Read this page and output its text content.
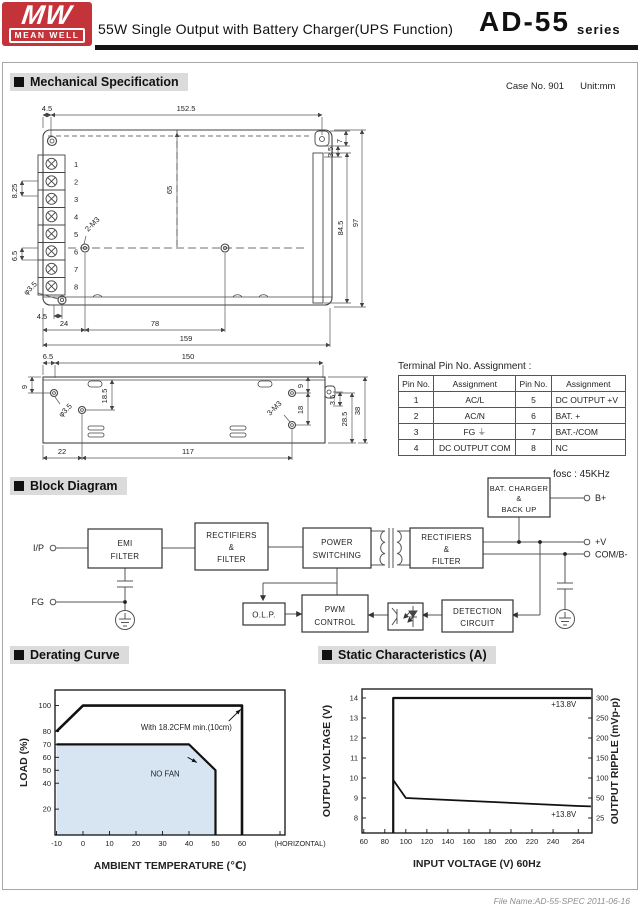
MW
MEAN WELL	55W Single Output with Battery Charger(UPS Function) AD-55 series
Mechanical Specification	Case No. 901 Unit:mm
4.5	152.5
7
3.5
84.5 97
65
2-M3
24	78
159
8.25
6.5
φ3.5
4.5
1
2
3
4
5
6
7
8
6.5	150
9
18.5
φ3.5	3-M3
9
18
3.5
28.5
38
22	117
Terminal Pin No. Assignment :
Pin No.	Assignment	Pin No.	Assignment
1	AC/L	5	DC OUTPUT +V
2	AC/N	6	BAT. +
3	FG ⏚	7	BAT.-/COM
4	DC OUTPUT COM	8	NC
Block Diagram
fosc : 45KHz
I/P
FG
B+
+V
COM/B-
EMI
FILTER
RECTIFIERS
&
FILTER
POWER
SWITCHING
RECTIFIERS
&
FILTER
BAT. CHARGER
&
BACK UP
O.L.P.
PWM
CONTROL
DETECTION
CIRCUIT
Derating Curve	Static Characteristics (A)
-10	0	10 20 30 40 50 60	(HORIZONTAL)
20
40
50
60
70
80
100
With 18.2CFM min.(10cm)
NO FAN
AMBIENT TEMPERATURE (℃)
LOAD (%)
60 80 100 120 140 160 180 200 220 240 264
8	25
9	50
10	100
11	150
12	200
13	250
14	300
+13.8V
+13.8V
INPUT VOLTAGE (V) 60Hz
OUTPUT VOLTAGE (V)	OUTPUT RIPPLE (mVp-p)
File Name:AD-55-SPEC 2011-06-16
